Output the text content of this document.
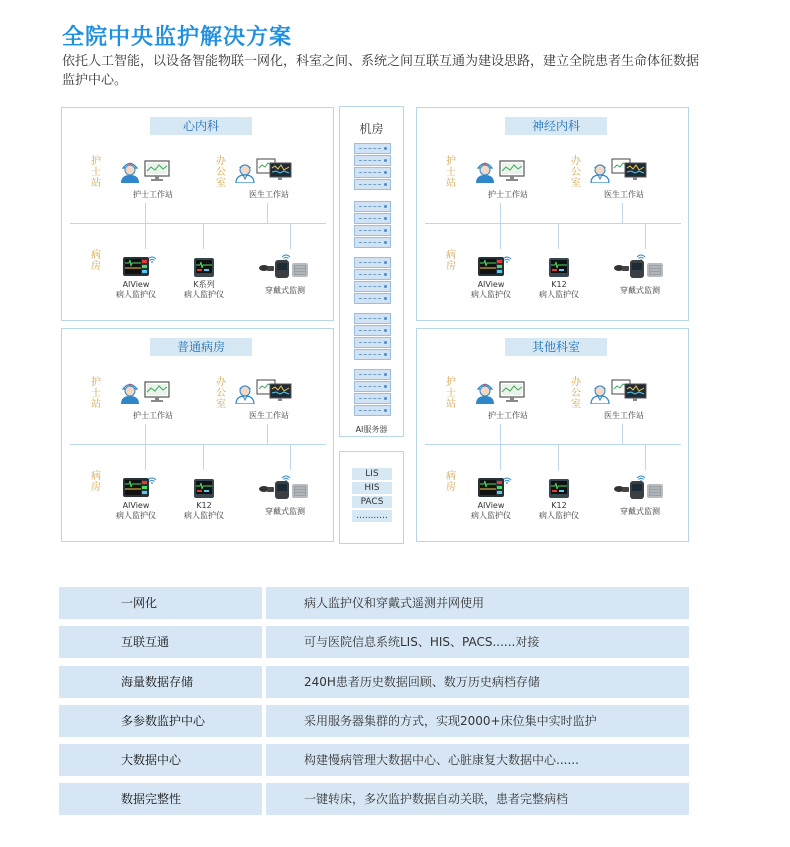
全院中央监护解决方案
依托人工智能，以设备智能物联一网化，科室之间、系统之间互联互通为建设思路，建立全院患者生命体征数据监护中心。
心内科
护士站
护士工作站
办公室
医生工作站
病房
AIView
病人监护仪
K系列
病人监护仪	穿戴式监测
神经内科
护士站
护士工作站
办公室
医生工作站
病房
AIView
病人监护仪
K12
病人监护仪	穿戴式监测
普通病房
护士站
护士工作站
办公室
医生工作站
病房
AIView
病人监护仪
K12
病人监护仪	穿戴式监测
其他科室
护士站
护士工作站
办公室
医生工作站
病房
AIView
病人监护仪
K12
病人监护仪	穿戴式监测
机房
AI服务器
LIS
HIS
PACS
...........
一网化	病人监护仪和穿戴式遥测并网使用
互联互通	可与医院信息系统LIS、HIS、PACS......对接
海量数据存储	240H患者历史数据回顾、数万历史病档存储
多参数监护中心	采用服务器集群的方式，实现2000+床位集中实时监护
大数据中心	构建慢病管理大数据中心、心脏康复大数据中心......
数据完整性	一键转床，多次监护数据自动关联，患者完整病档
